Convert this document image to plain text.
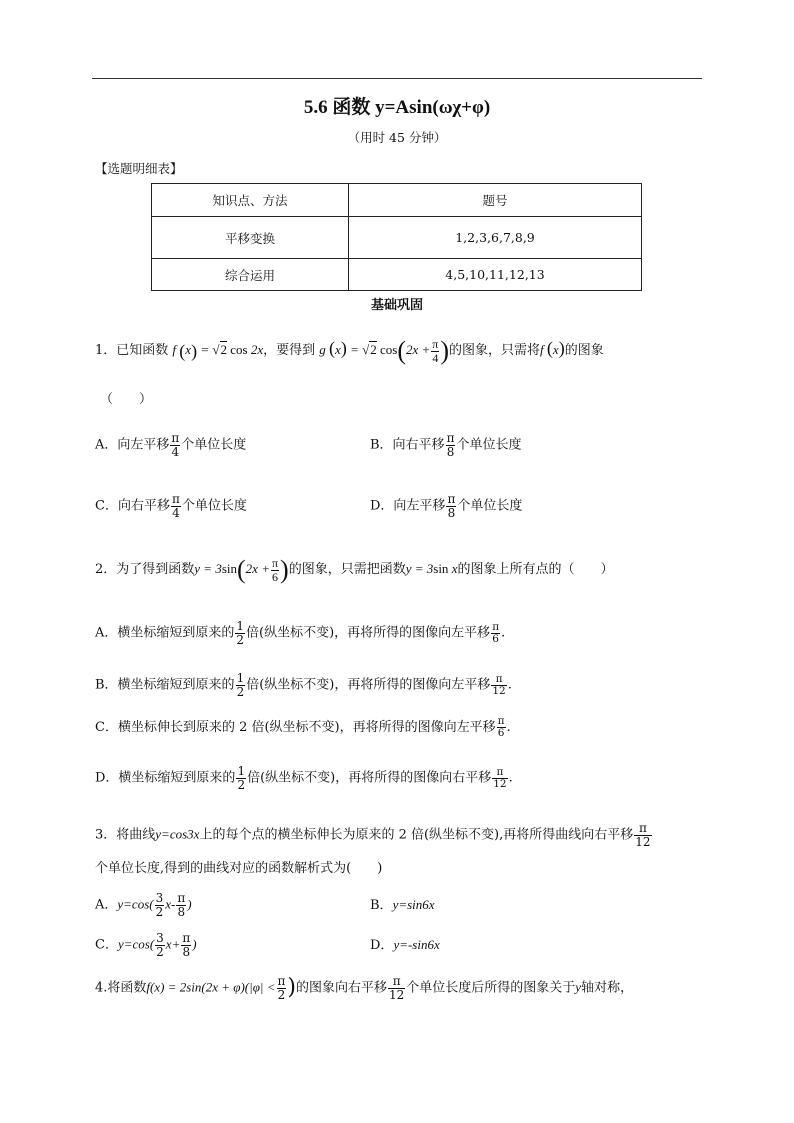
5.6 函数 y=Asin(ωχ+φ)
（用时 45 分钟）
【选题明细表】
知识点、方法	题号
平移变换	1,2,3,6,7,8,9
综合运用	4,5,10,11,12,13
基础巩固
1．已知函数 f (x) = √2 cos 2x，要得到 g (x) = √2 $\cos(2x + \frac{\pi}{4}$ )的图象，只需将f (x)的图象
（　　）
A．向左平移 $\frac{\pi}{4}$ 个单位长度	B．向右平移 $\frac{\pi}{8}$ 个单位长度
C．向右平移 $\frac{\pi}{4}$ 个单位长度	D．向左平移 $\frac{\pi}{8}$ 个单位长度
2．为了得到函数$y = 3\sin(2x + \frac{\pi}{6}$ )的图象，只需把函数y = 3sin x的图象上所有点的（　　）
A．横坐标缩短到原来的 $\frac{1}{2}$ 倍(纵坐标不变)，再将所得的图像向左平移 $\frac{\pi}{6}$ .
B．横坐标缩短到原来的 $\frac{1}{2}$ 倍(纵坐标不变)，再将所得的图像向左平移 $\frac{\pi}{12}$ .
C．横坐标伸长到原来的 2 倍(纵坐标不变)，再将所得的图像向左平移 $\frac{\pi}{6}$ .
D．横坐标缩短到原来的 $\frac{1}{2}$ 倍(纵坐标不变)，再将所得的图像向右平移 $\frac{\pi}{12}$ .
3．将曲线y=cos3x上的每个点的横坐标伸长为原来的 2 倍(纵坐标不变),再将所得曲线向右平移 $\frac{\pi}{12}$
个单位长度,得到的曲线对应的函数解析式为(　　)
A．$y=\cos( \frac{3}{2} x- \frac{\pi}{8}$ )	B．y=sin6x
C．$y=\cos( \frac{3}{2} x+ \frac{\pi}{8}$ )	D．y=-sin6x
4.将函数$f(x) = 2\sin(2x + \varphi)(|\varphi| < \frac{\pi}{2}$ )的图象向右平移 $\frac{\pi}{12}$ 个单位长度后所得的图象关于y轴对称，
